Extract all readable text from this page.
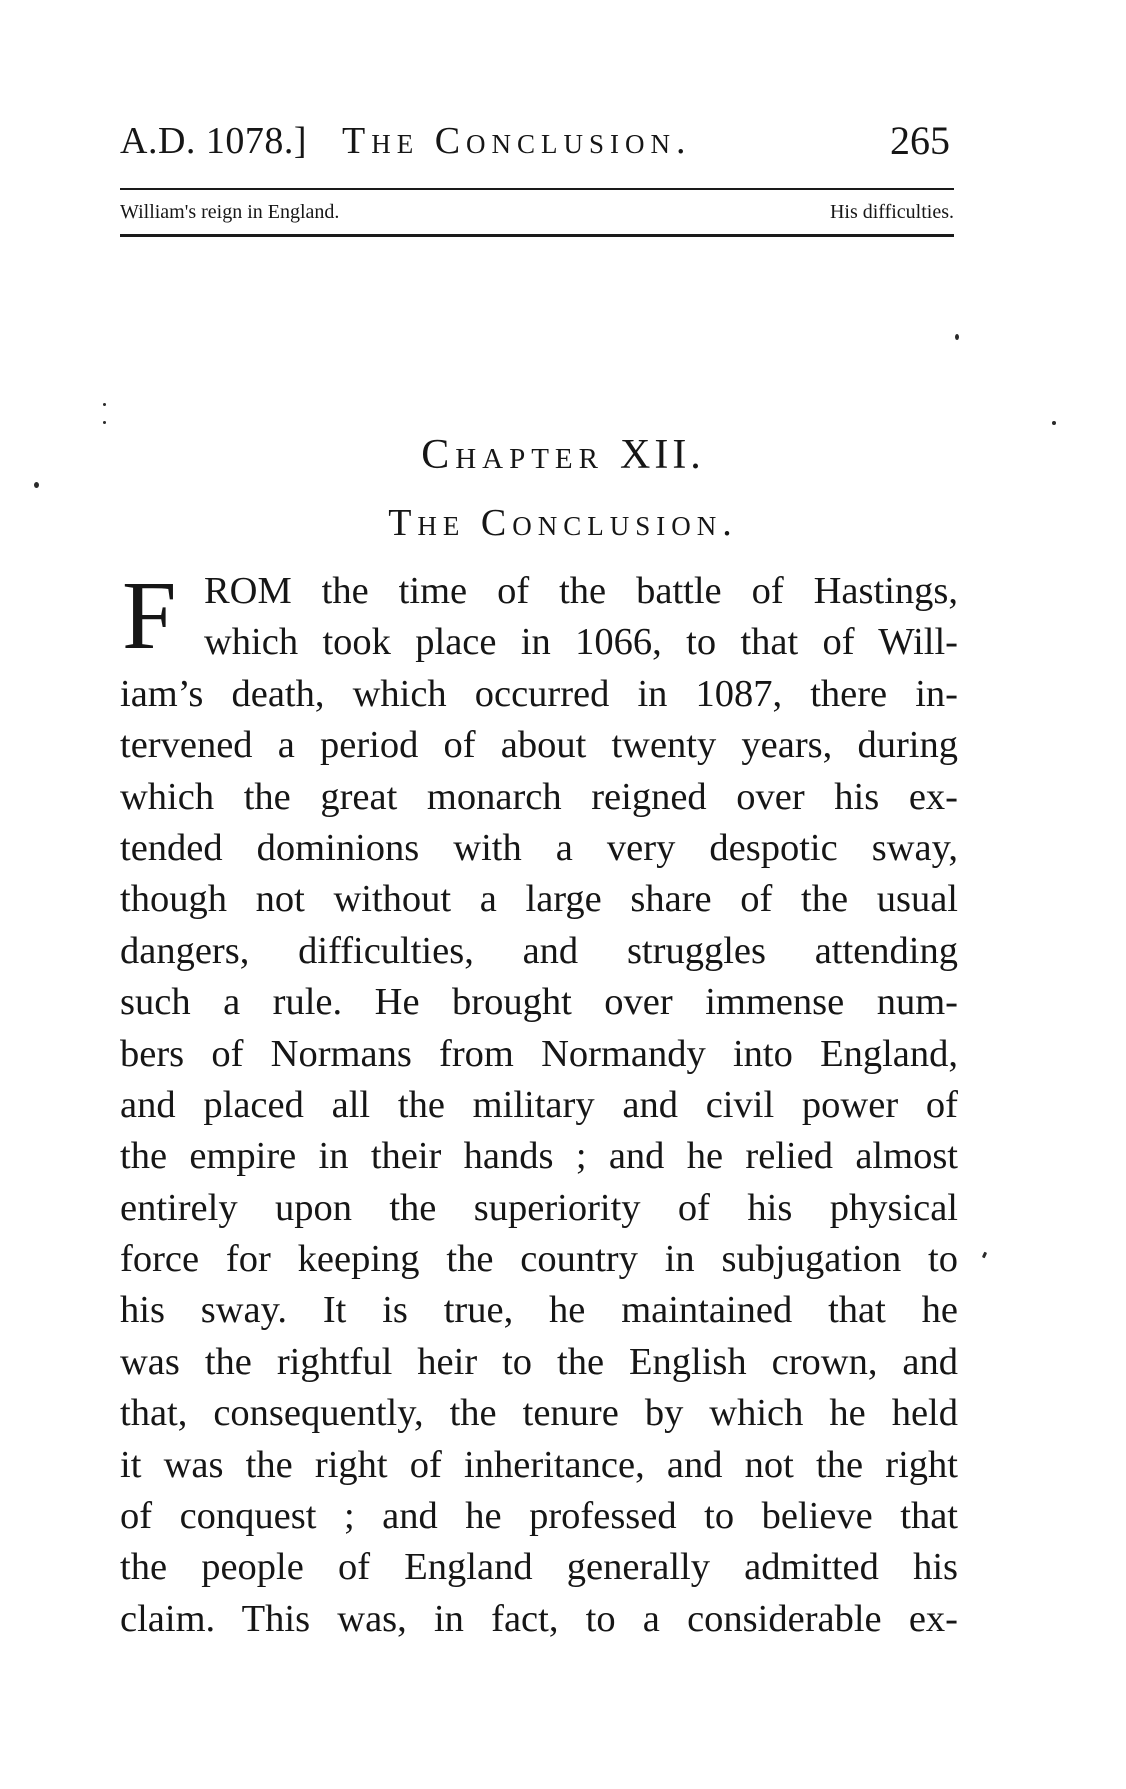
A.D. 1078.] The Conclusion.	265
William's reign in England.	His difficulties.
Chapter XII.
The Conclusion.
F ROM the time of the battle of Hastings,
which took place in 1066, to that of Will-
iam’s death, which occurred in 1087, there in-
tervened a period of about twenty years, during
which the great monarch reigned over his ex-
tended dominions with a very despotic sway,
though not without a large share of the usual
dangers, difficulties, and struggles attending
such a rule. He brought over immense num-
bers of Normans from Normandy into England,
and placed all the military and civil power of
the empire in their hands ; and he relied almost
entirely upon the superiority of his physical
force for keeping the country in subjugation to
his sway. It is true, he maintained that he
was the rightful heir to the English crown, and
that, consequently, the tenure by which he held
it was the right of inheritance, and not the right
of conquest ; and he professed to believe that
the people of England generally admitted his
claim. This was, in fact, to a considerable ex-
